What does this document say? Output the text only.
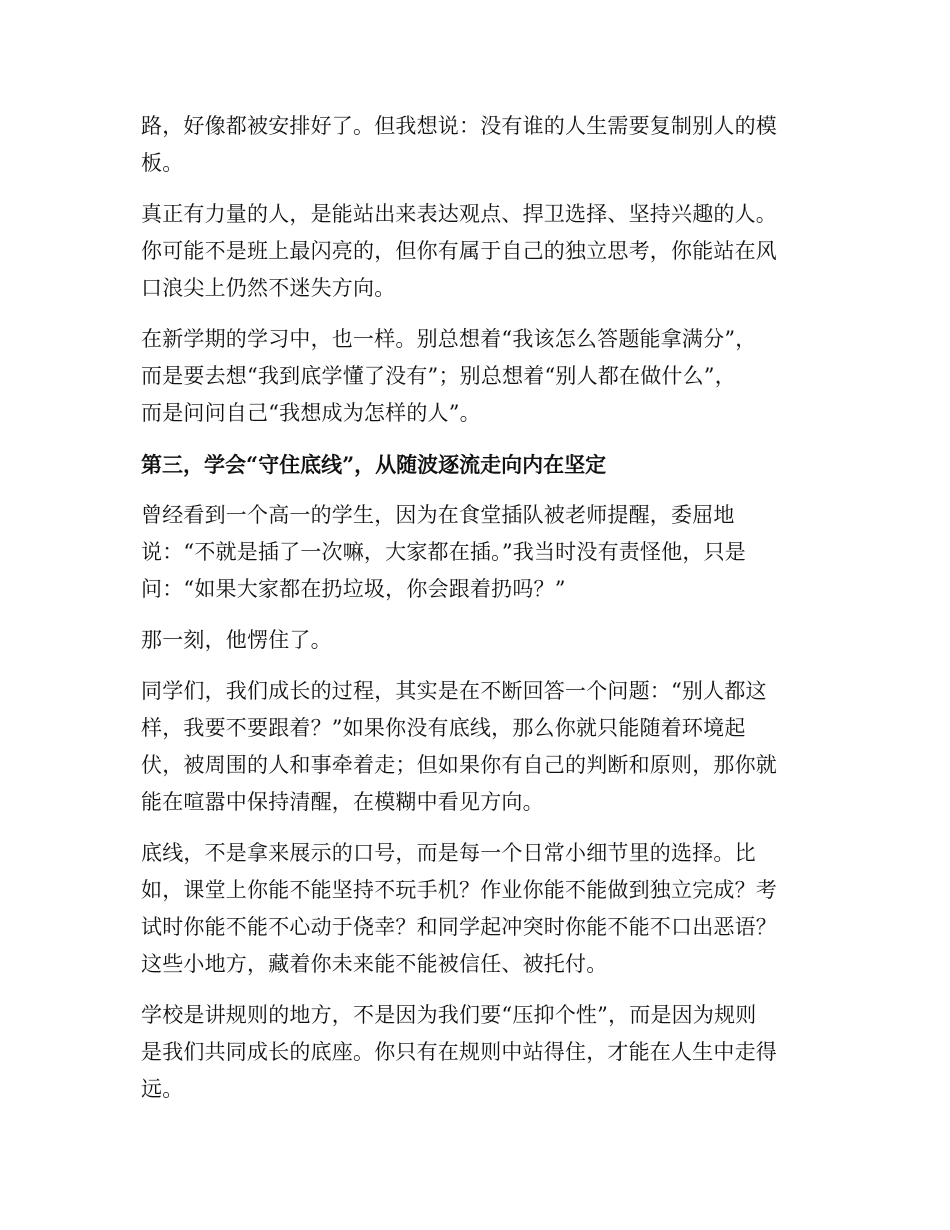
路，好像都被安排好了。但我想说：没有谁的人生需要复制别人的模
板。

真正有力量的人，是能站出来表达观点、捍卫选择、坚持兴趣的人。
你可能不是班上最闪亮的，但你有属于自己的独立思考，你能站在风
口浪尖上仍然不迷失方向。

在新学期的学习中，也一样。别总想着“我该怎么答题能拿满分”，
而是要去想“我到底学懂了没有”；别总想着“别人都在做什么”，
而是问问自己“我想成为怎样的人”。

第三，学会“守住底线”，从随波逐流走向内在坚定

曾经看到一个高一的学生，因为在食堂插队被老师提醒，委屈地
说：“不就是插了一次嘛，大家都在插。”我当时没有责怪他，只是
问：“如果大家都在扔垃圾，你会跟着扔吗？”

那一刻，他愣住了。

同学们，我们成长的过程，其实是在不断回答一个问题：“别人都这
样，我要不要跟着？”如果你没有底线，那么你就只能随着环境起
伏，被周围的人和事牵着走；但如果你有自己的判断和原则，那你就
能在喧嚣中保持清醒，在模糊中看见方向。

底线，不是拿来展示的口号，而是每一个日常小细节里的选择。比
如，课堂上你能不能坚持不玩手机？作业你能不能做到独立完成？考
试时你能不能不心动于侥幸？和同学起冲突时你能不能不口出恶语？
这些小地方，藏着你未来能不能被信任、被托付。

学校是讲规则的地方，不是因为我们要“压抑个性”，而是因为规则
是我们共同成长的底座。你只有在规则中站得住，才能在人生中走得
远。
